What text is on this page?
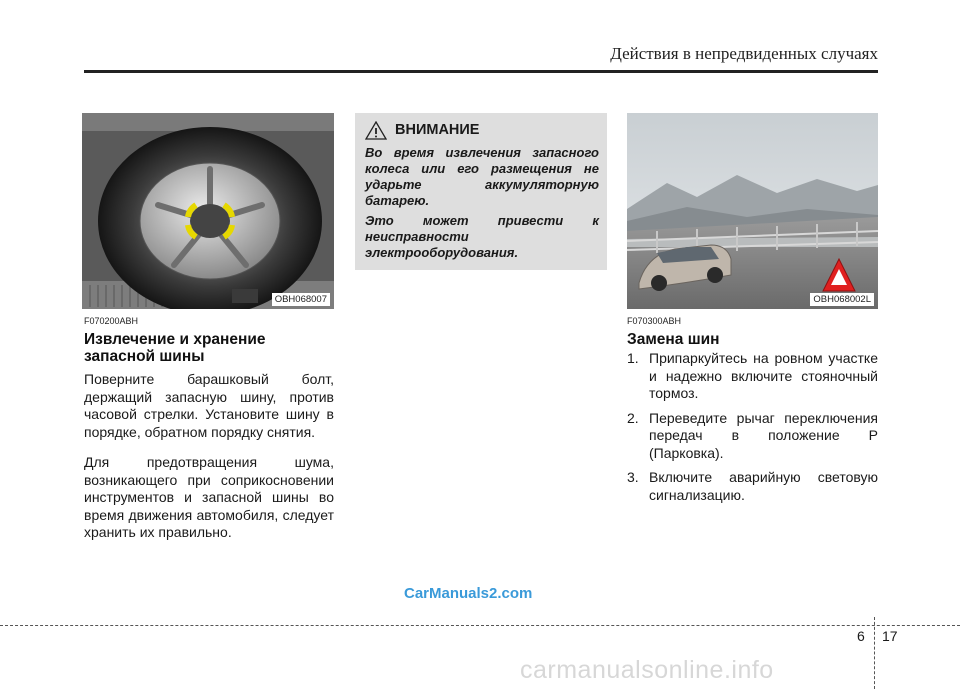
Действия в непредвиденных случаях
OBH068007
F070200ABH
Извлечение и хранение запасной шины
Поверните барашковый болт, держащий запасную шину, против часовой стрелки. Установите шину в порядке, обратном порядку снятия.
Для предотвращения шума, возникающего при соприкосновении инструментов и запасной шины во время движения автомобиля, следует хранить их правильно.
ВНИМАНИЕ
Во время извлечения запасного колеса или его размещения не ударьте аккумуляторную батарею.
Это может привести к неисправности электрооборудования.
OBH068002L
F070300ABH
Замена шин
1. Припаркуйтесь на ровном участке и надежно включите стояночный тормоз.
2. Переведите рычаг переключения передач в положение P (Парковка).
3. Включите аварийную световую сигнализацию.
CarManuals2.com
6 17
carmanualsonline.info
